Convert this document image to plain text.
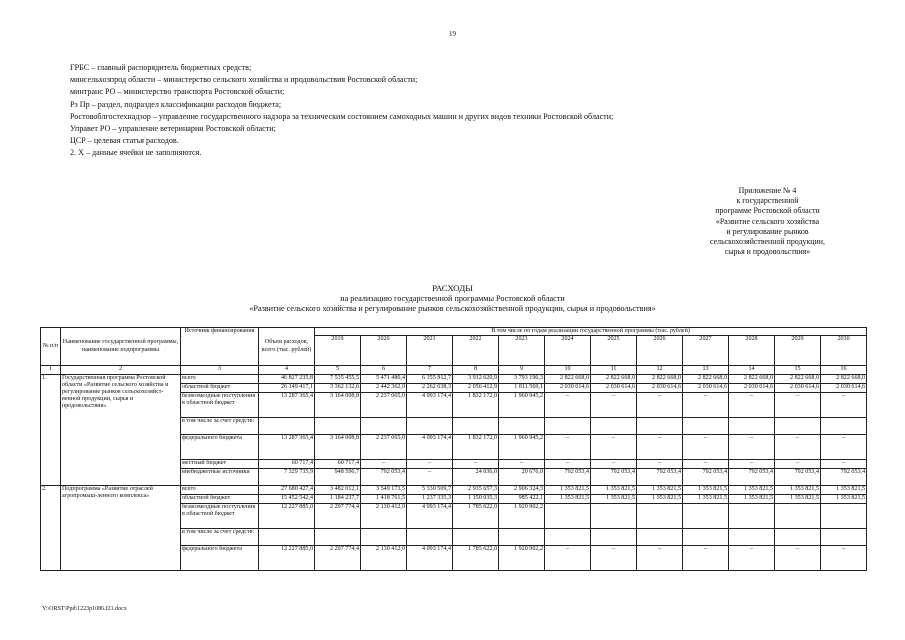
19
ГРБС – главный распорядитель бюджетных средств;
минсельхозпрод области – министерство сельского хозяйства и продовольствия Ростовской области;
минтранс РО – министерство транспорта Ростовской области;
Рз Пр – раздел, подраздел классификации расходов бюджета;
Ростовоблгостехнадзор – управление государственного надзора за техническим состоянием самоходных машин и других видов техники Ростовской области;
Управет РО – управление ветеринарии Ростовской области;
ЦСР – целевая статья расходов.
2. Х – данные ячейки не заполняются.
Приложение № 4
к государственной
программе Ростовской области
«Развитие сельского хозяйства
и регулирование рынков
сельскохозяйственной продукции,
сырья и продовольствия»
РАСХОДЫ
на реализацию государственной программы Ростовской области
«Развитие сельского хозяйства и регулирование рынков сельскохозяйственной продукции, сырья и продовольствия»
№ п/п	Наименование государственной программы, наименование подпрограммы	Источник финансирования	Объем расходов, всего (тыс. рублей)	В том числе по годам реализации государственной программы (тыс. рублей)											
				2019	2020	2021	2022	2023	2024	2025	2026	2027	2028	2029	2030
1	2	3	4	5	6	7	8	9	10	11	12	13	14	15	16
1.	Государственная программа Ростовской области «Развитие сельского хозяйства и регулирование рынков сельскохозяйст-венной продукции, сырья и продовольствия»	всего	46 827 235,8	7 535 455,5	5 471 480,4	6 355 812,7	3 912 620,9	3 793 190,3	2 822 668,0	2 822 668,0	2 822 668,0	2 822 668,0	2 822 668,0	2 822 668,0	2 822 668,0
		областной бюджет	26 149 417,1	3 362 132,6	2 442 362,0	2 262 638,3	2 056 412,9	1 811 569,1	2 030 614,6	2 030 614,6	2 030 614,6	2 030 614,6	2 030 614,6	2 030 614,6	2 030 614,6
		безвозмездные поступления в областной бюджет	13 287 365,4	3 164 008,8	2 237 065,0	4 093 174,4	1 832 172,0	1 960 945,2	–	–	–	–	–	–	–
		в том числе за счет средств:													
		федерального бюджета	13 287 365,4	3 164 008,8	2 237 065,0	4 093 174,4	1 832 172,0	1 960 945,2	–	–	–	–	–	–	–
		местный бюджет	60 717,4	60 717,4	–	–	–	–	–	–	–	–	–	–	–
		внебюджетные источники	7 329 735,9	948 596,7	792 053,4	–	24 036,0	20 676,0	792 053,4	792 053,4	792 053,4	792 053,4	792 053,4	792 053,4	792 053,4
2.	Подпрограмма «Развитие отраслей агропромыш-ленного комплекса»	всего	27 680 427,4	3 482 012,1	3 549 173,5	5 330 509,7	2 935 657,3	2 906 324,3	1 353 821,5	1 353 821,5	1 353 821,5	1 353 821,5	1 353 821,5	1 353 821,5	1 353 821,5
		областной бюджет	15 452 542,4	1 184 237,7	1 418 761,5	1 237 335,3	1 150 035,3	985 422,1	1 353 821,5	1 353 821,5	1 353 821,5	1 353 821,5	1 353 821,5	1 353 821,5	1 353 821,5
		безвозмездные поступления в областной бюджет	12 227 885,0	2 297 774,4	2 130 412,0	4 093 174,4	1 785 622,0	1 920 902,2							
		в том числе за счет средств:													
		федерального бюджета	12 227 885,0	2 297 774,4	2 130 412,0	4 093 174,4	1 785 622,0	1 920 902,2	–	–	–	–	–	–	–
Y:\ORST\Ppd\1223p1086.f21.docx
